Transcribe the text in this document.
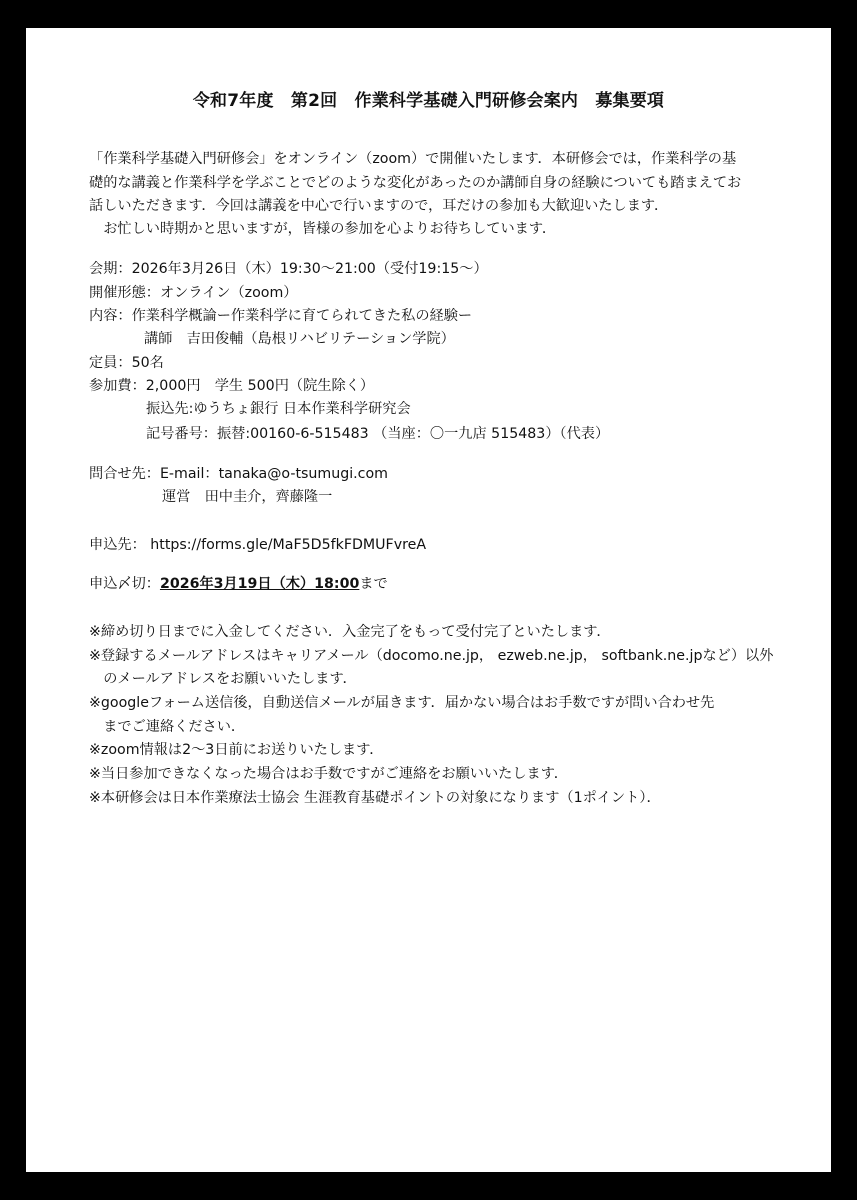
令和7年度　第2回　作業科学基礎入門研修会案内　募集要項
「作業科学基礎入門研修会」をオンライン（zoom）で開催いたします．本研修会では，作業科学の基
礎的な講義と作業科学を学ぶことでどのような変化があったのか講師自身の経験についても踏まえてお
話しいただきます．今回は講義を中心で行いますので，耳だけの参加も大歓迎いたします．
　お忙しい時期かと思いますが，皆様の参加を心よりお待ちしています．
会期：2026年3月26日（木）19:30〜21:00（受付19:15〜）
開催形態：オンライン（zoom）
内容：作業科学概論ー作業科学に育てられてきた私の経験ー
講師　吉田俊輔（島根リハビリテーション学院）
定員：50名
参加費：2,000円　学生 500円（院生除く）
振込先:ゆうちょ銀行 日本作業科学研究会
記号番号：振替:00160-6-515483 （当座：〇一九店 515483）（代表）
問合せ先：E-mail：tanaka@o-tsumugi.com
運営　田中圭介，齊藤隆一
申込先： https://forms.gle/MaF5D5fkFDMUFvreA
申込〆切：2026年3月19日（木）18:00まで
※締め切り日までに入金してください．入金完了をもって受付完了といたします．
※登録するメールアドレスはキャリアメール（docomo.ne.jp， ezweb.ne.jp， softbank.ne.jpなど）以外
　のメールアドレスをお願いいたします．
※googleフォーム送信後，自動送信メールが届きます．届かない場合はお手数ですが問い合わせ先
　までご連絡ください．
※zoom情報は2〜3日前にお送りいたします．
※当日参加できなくなった場合はお手数ですがご連絡をお願いいたします．
※本研修会は日本作業療法士協会 生涯教育基礎ポイントの対象になります（1ポイント）．
